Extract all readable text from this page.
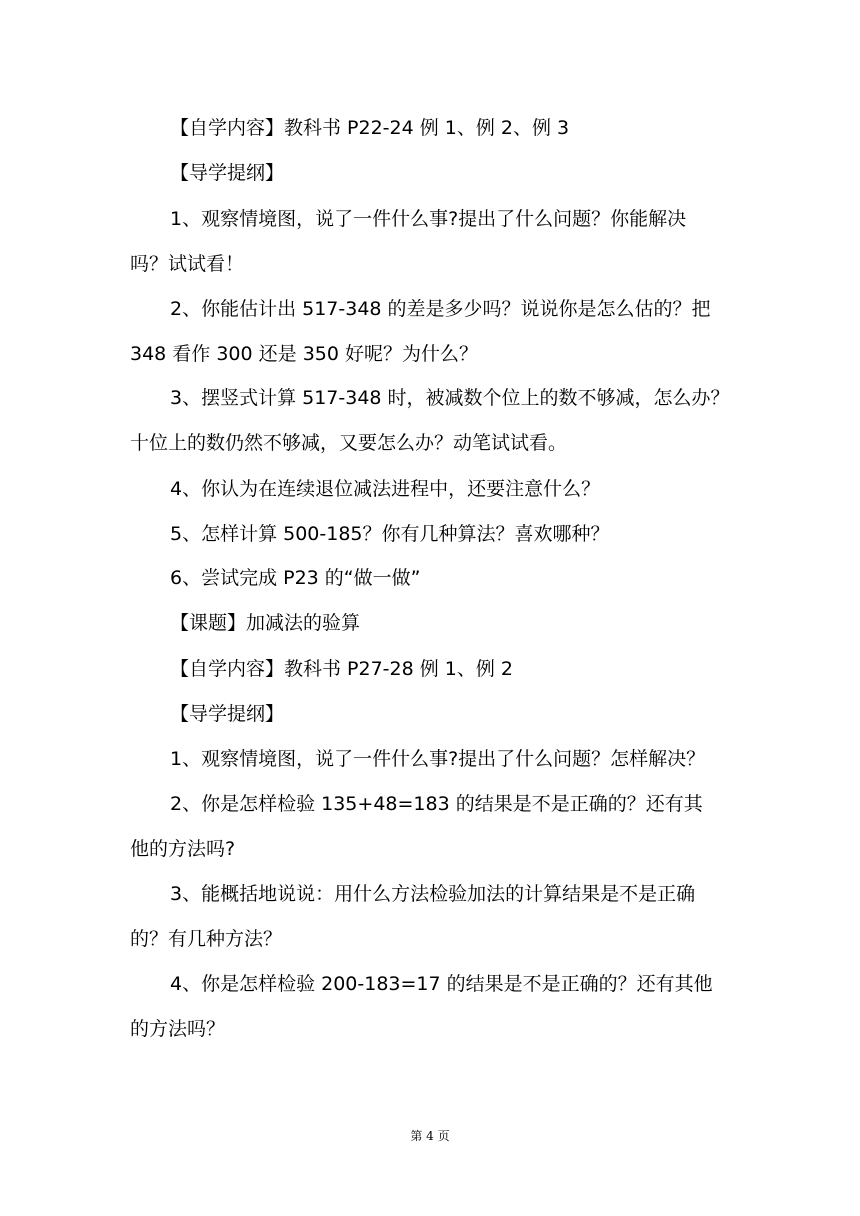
【自学内容】教科书 P22-24 例 1、例 2、例 3
【导学提纲】
1、观察情境图，说了一件什么事?提出了什么问题？你能解决
吗？试试看！
2、你能估计出 517-348 的差是多少吗？说说你是怎么估的？把
348 看作 300 还是 350 好呢？为什么？
3、摆竖式计算 517-348 时，被减数个位上的数不够减，怎么办？
十位上的数仍然不够减，又要怎么办？动笔试试看。
4、你认为在连续退位减法进程中，还要注意什么？
5、怎样计算 500-185？你有几种算法？喜欢哪种？
6、尝试完成 P23 的“做一做”
【课题】加减法的验算
【自学内容】教科书 P27-28 例 1、例 2
【导学提纲】
1、观察情境图，说了一件什么事?提出了什么问题？怎样解决？
2、你是怎样检验 135+48=183 的结果是不是正确的？还有其
他的方法吗?
3、能概括地说说：用什么方法检验加法的计算结果是不是正确
的？有几种方法？
4、你是怎样检验 200-183=17 的结果是不是正确的？还有其他
的方法吗？
第 4 页
